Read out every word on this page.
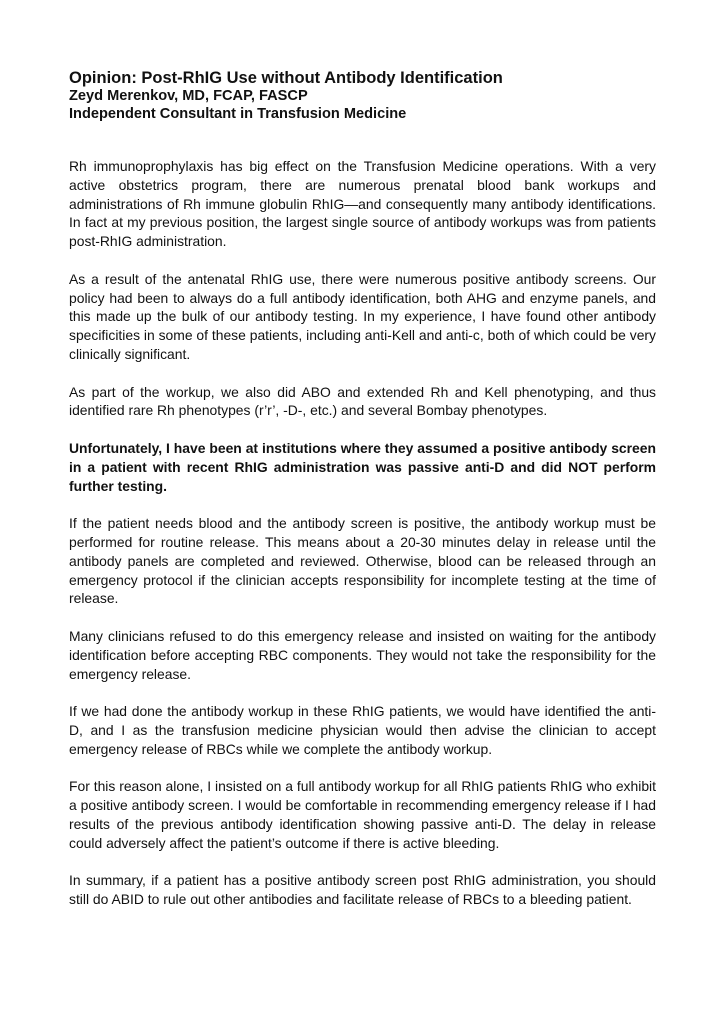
Opinion: Post-RhIG Use without Antibody Identification

Zeyd Merenkov, MD, FCAP, FASCP

Independent Consultant in Transfusion Medicine

Rh immunoprophylaxis has big effect on the Transfusion Medicine operations. With a very active obstetrics program, there are numerous prenatal blood bank workups and administrations of Rh immune globulin RhIG—and consequently many antibody identifications. In fact at my previous position, the largest single source of antibody workups was from patients post-RhIG administration.

As a result of the antenatal RhIG use, there were numerous positive antibody screens. Our policy had been to always do a full antibody identification, both AHG and enzyme panels, and this made up the bulk of our antibody testing. In my experience, I have found other antibody specificities in some of these patients, including anti-Kell and anti-c, both of which could be very clinically significant.

As part of the workup, we also did ABO and extended Rh and Kell phenotyping, and thus identified rare Rh phenotypes (r’r’, -D-, etc.) and several Bombay phenotypes.

Unfortunately, I have been at institutions where they assumed a positive antibody screen in a patient with recent RhIG administration was passive anti-D and did NOT perform further testing.

If the patient needs blood and the antibody screen is positive, the antibody workup must be performed for routine release. This means about a 20-30 minutes delay in release until the antibody panels are completed and reviewed. Otherwise, blood can be released through an emergency protocol if the clinician accepts responsibility for incomplete testing at the time of release.

Many clinicians refused to do this emergency release and insisted on waiting for the antibody identification before accepting RBC components. They would not take the responsibility for the emergency release.

If we had done the antibody workup in these RhIG patients, we would have identified the anti-D, and I as the transfusion medicine physician would then advise the clinician to accept emergency release of RBCs while we complete the antibody workup.

For this reason alone, I insisted on a full antibody workup for all RhIG patients RhIG who exhibit a positive antibody screen. I would be comfortable in recommending emergency release if I had results of the previous antibody identification showing passive anti-D. The delay in release could adversely affect the patient’s outcome if there is active bleeding.

In summary, if a patient has a positive antibody screen post RhIG administration, you should still do ABID to rule out other antibodies and facilitate release of RBCs to a bleeding patient.
